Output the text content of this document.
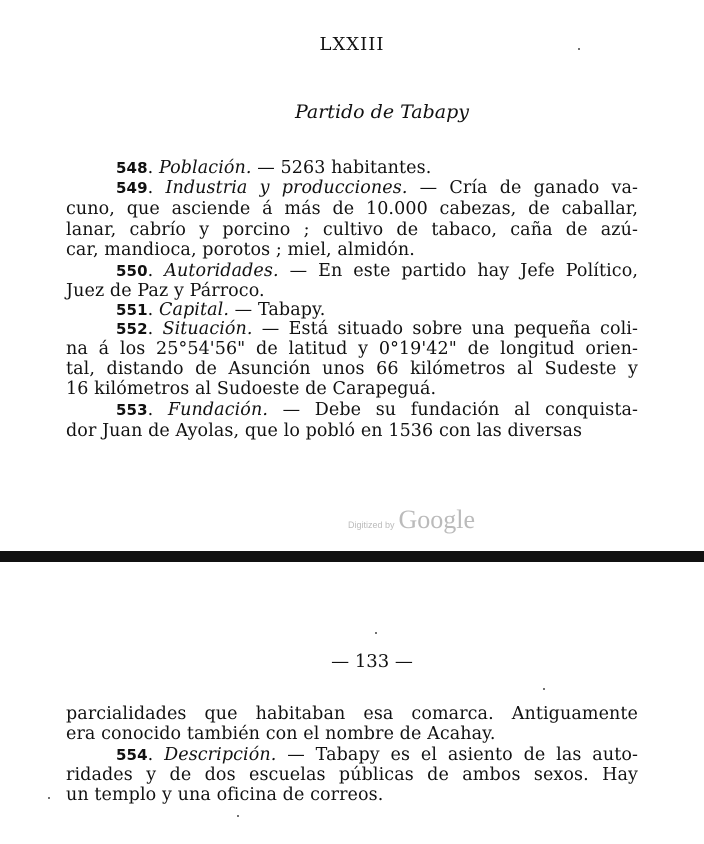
LXXIII
Partido de Tabapy
548. Población. — 5263 habitantes.
549. Industria y producciones. — Cría de ganado va-
cuno, que asciende á más de 10.000 cabezas, de caballar,
lanar, cabrío y porcino ; cultivo de tabaco, caña de azú-
car, mandioca, porotos ; miel, almidón.
550. Autoridades. — En este partido hay Jefe Político,
Juez de Paz y Párroco.
551. Capital. — Tabapy.
552. Situación. — Está situado sobre una pequeña coli-
na á los 25°54'56" de latitud y 0°19'42" de longitud orien-
tal, distando de Asunción unos 66 kilómetros al Sudeste y
16 kilómetros al Sudoeste de Carapeguá.
553. Fundación. — Debe su fundación al conquista-
dor Juan de Ayolas, que lo pobló en 1536 con las diversas
Digitized by Google
— 133 —
parcialidades que habitaban esa comarca. Antiguamente
era conocido también con el nombre de Acahay.
554. Descripción. — Tabapy es el asiento de las auto-
ridades y de dos escuelas públicas de ambos sexos. Hay
un templo y una oficina de correos.
